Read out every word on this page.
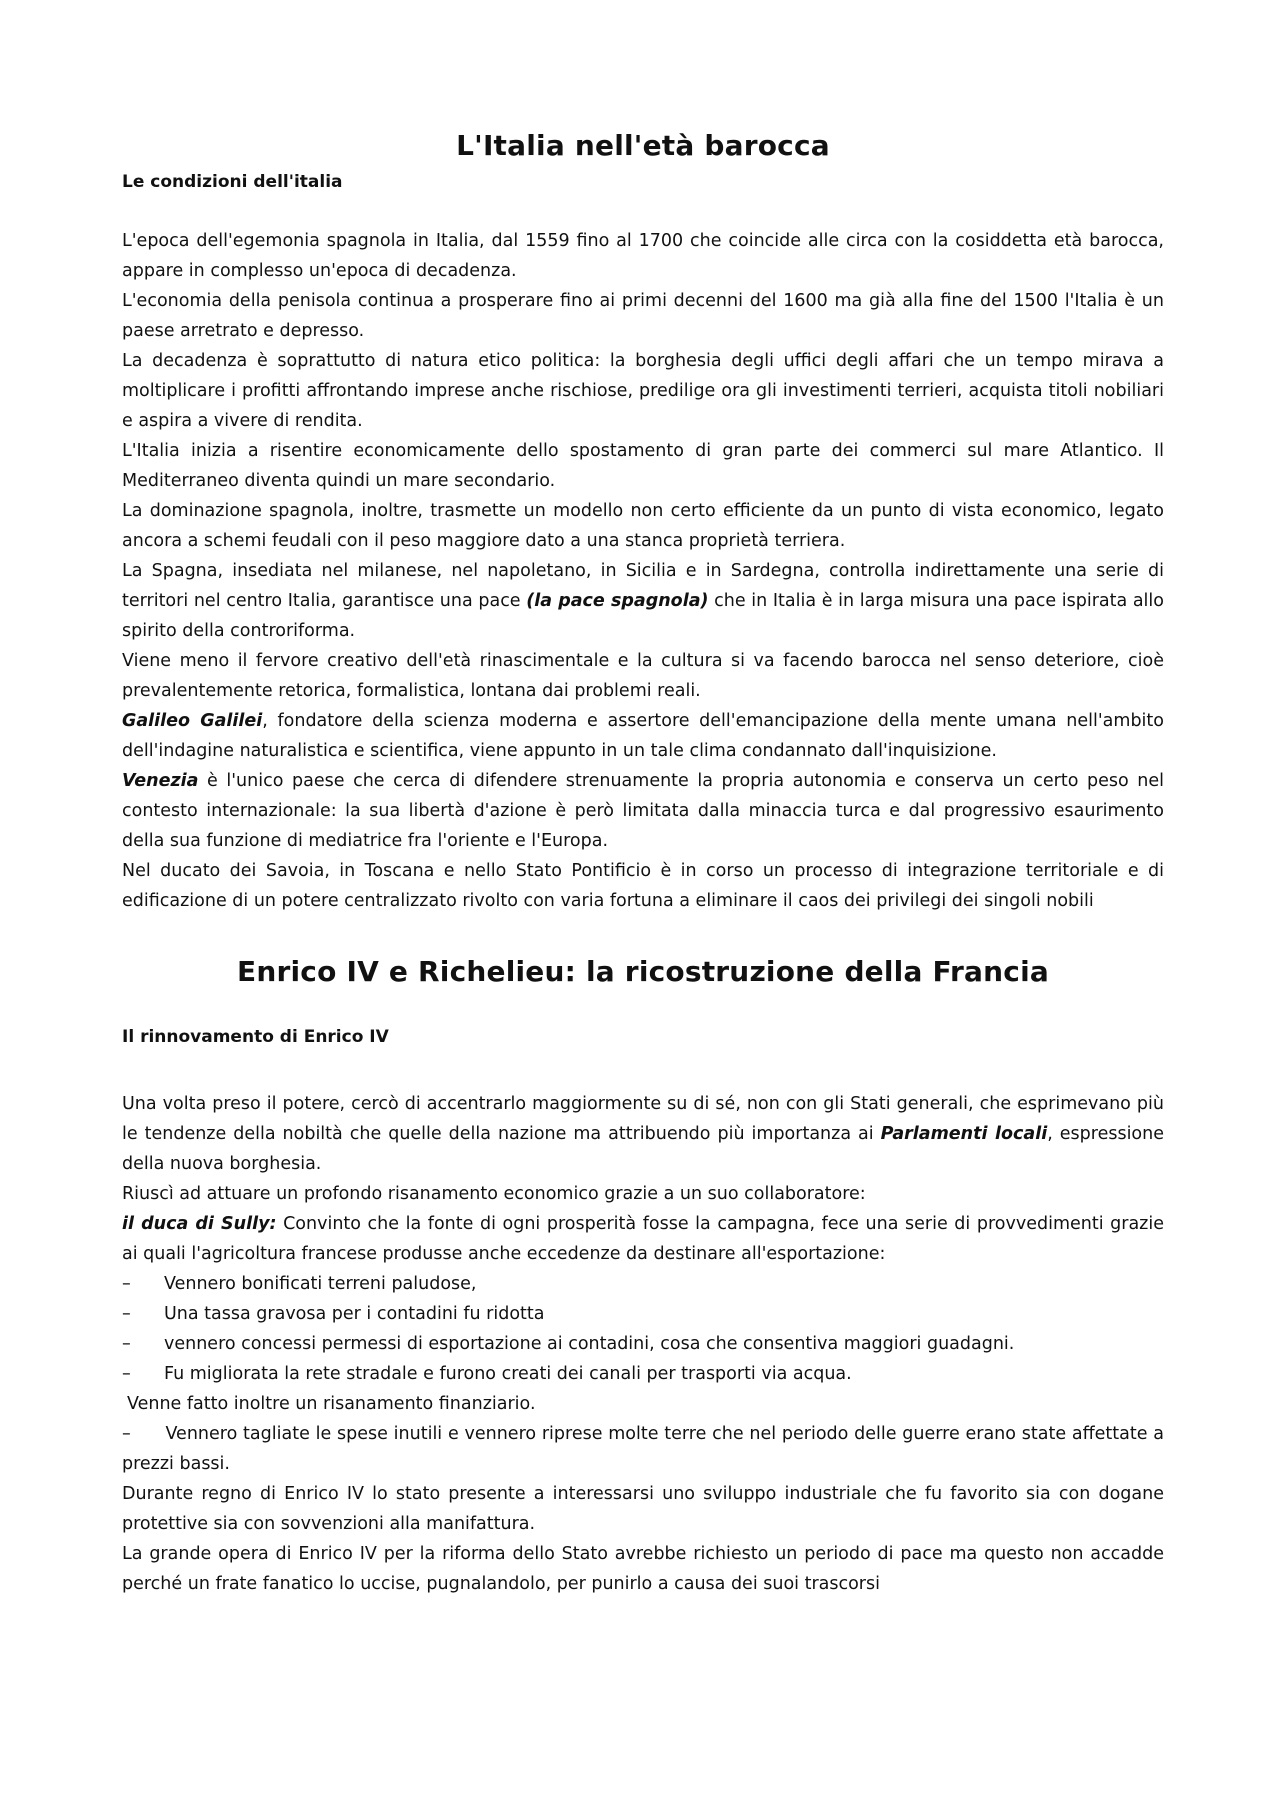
L'Italia nell'età barocca
Le condizioni dell'italia

L'epoca dell'egemonia spagnola in Italia, dal 1559 fino al 1700 che coincide alle circa con la cosiddetta età barocca, appare in complesso un'epoca di decadenza.

L'economia della penisola continua a prosperare fino ai primi decenni del 1600 ma già alla fine del 1500 l'Italia è un paese arretrato e depresso.

La decadenza è soprattutto di natura etico politica: la borghesia degli uffici degli affari che un tempo mirava a moltiplicare i profitti affrontando imprese anche rischiose, predilige ora gli investimenti terrieri, acquista titoli nobiliari e aspira a vivere di rendita.

L'Italia inizia a risentire economicamente dello spostamento di gran parte dei commerci sul mare Atlantico. Il Mediterraneo diventa quindi un mare secondario.

La dominazione spagnola, inoltre, trasmette un modello non certo efficiente da un punto di vista economico, legato ancora a schemi feudali con il peso maggiore dato a una stanca proprietà terriera.

La Spagna, insediata nel milanese, nel napoletano, in Sicilia e in Sardegna, controlla indirettamente una serie di territori nel centro Italia, garantisce una pace (la pace spagnola) che in Italia è in larga misura una pace ispirata allo spirito della controriforma.

Viene meno il fervore creativo dell'età rinascimentale e la cultura si va facendo barocca nel senso deteriore, cioè prevalentemente retorica, formalistica, lontana dai problemi reali.

Galileo Galilei, fondatore della scienza moderna e assertore dell'emancipazione della mente umana nell'ambito dell'indagine naturalistica e scientifica, viene appunto in un tale clima condannato dall'inquisizione.

Venezia è l'unico paese che cerca di difendere strenuamente la propria autonomia e conserva un certo peso nel contesto internazionale: la sua libertà d'azione è però limitata dalla minaccia turca e dal progressivo esaurimento della sua funzione di mediatrice fra l'oriente e l'Europa.

Nel ducato dei Savoia, in Toscana e nello Stato Pontificio è in corso un processo di integrazione territoriale e di edificazione di un potere centralizzato rivolto con varia fortuna a eliminare il caos dei privilegi dei singoli nobili

Enrico IV e Richelieu: la ricostruzione della Francia
Il rinnovamento di Enrico IV

Una volta preso il potere, cercò di accentrarlo maggiormente su di sé, non con gli Stati generali, che esprimevano più le tendenze della nobiltà che quelle della nazione ma attribuendo più importanza ai Parlamenti locali, espressione della nuova borghesia.

Riuscì ad attuare un profondo risanamento economico grazie a un suo collaboratore:

il duca di Sully: Convinto che la fonte di ogni prosperità fosse la campagna, fece una serie di provvedimenti grazie ai quali l'agricoltura francese produsse anche eccedenze da destinare all'esportazione:

–	Vennero bonificati terreni paludose,
–	Una tassa gravosa per i contadini fu ridotta
–	vennero concessi permessi di esportazione ai contadini, cosa che consentiva maggiori guadagni.
–	Fu migliorata la rete stradale e furono creati dei canali per trasporti via acqua.

Venne fatto inoltre un risanamento finanziario.

– Vennero tagliate le spese inutili e vennero riprese molte terre che nel periodo delle guerre erano state affettate a prezzi bassi.

Durante regno di Enrico IV lo stato presente a interessarsi uno sviluppo industriale che fu favorito sia con dogane protettive sia con sovvenzioni alla manifattura.

La grande opera di Enrico IV per la riforma dello Stato avrebbe richiesto un periodo di pace ma questo non accadde perché un frate fanatico lo uccise, pugnalandolo, per punirlo a causa dei suoi trascorsi
